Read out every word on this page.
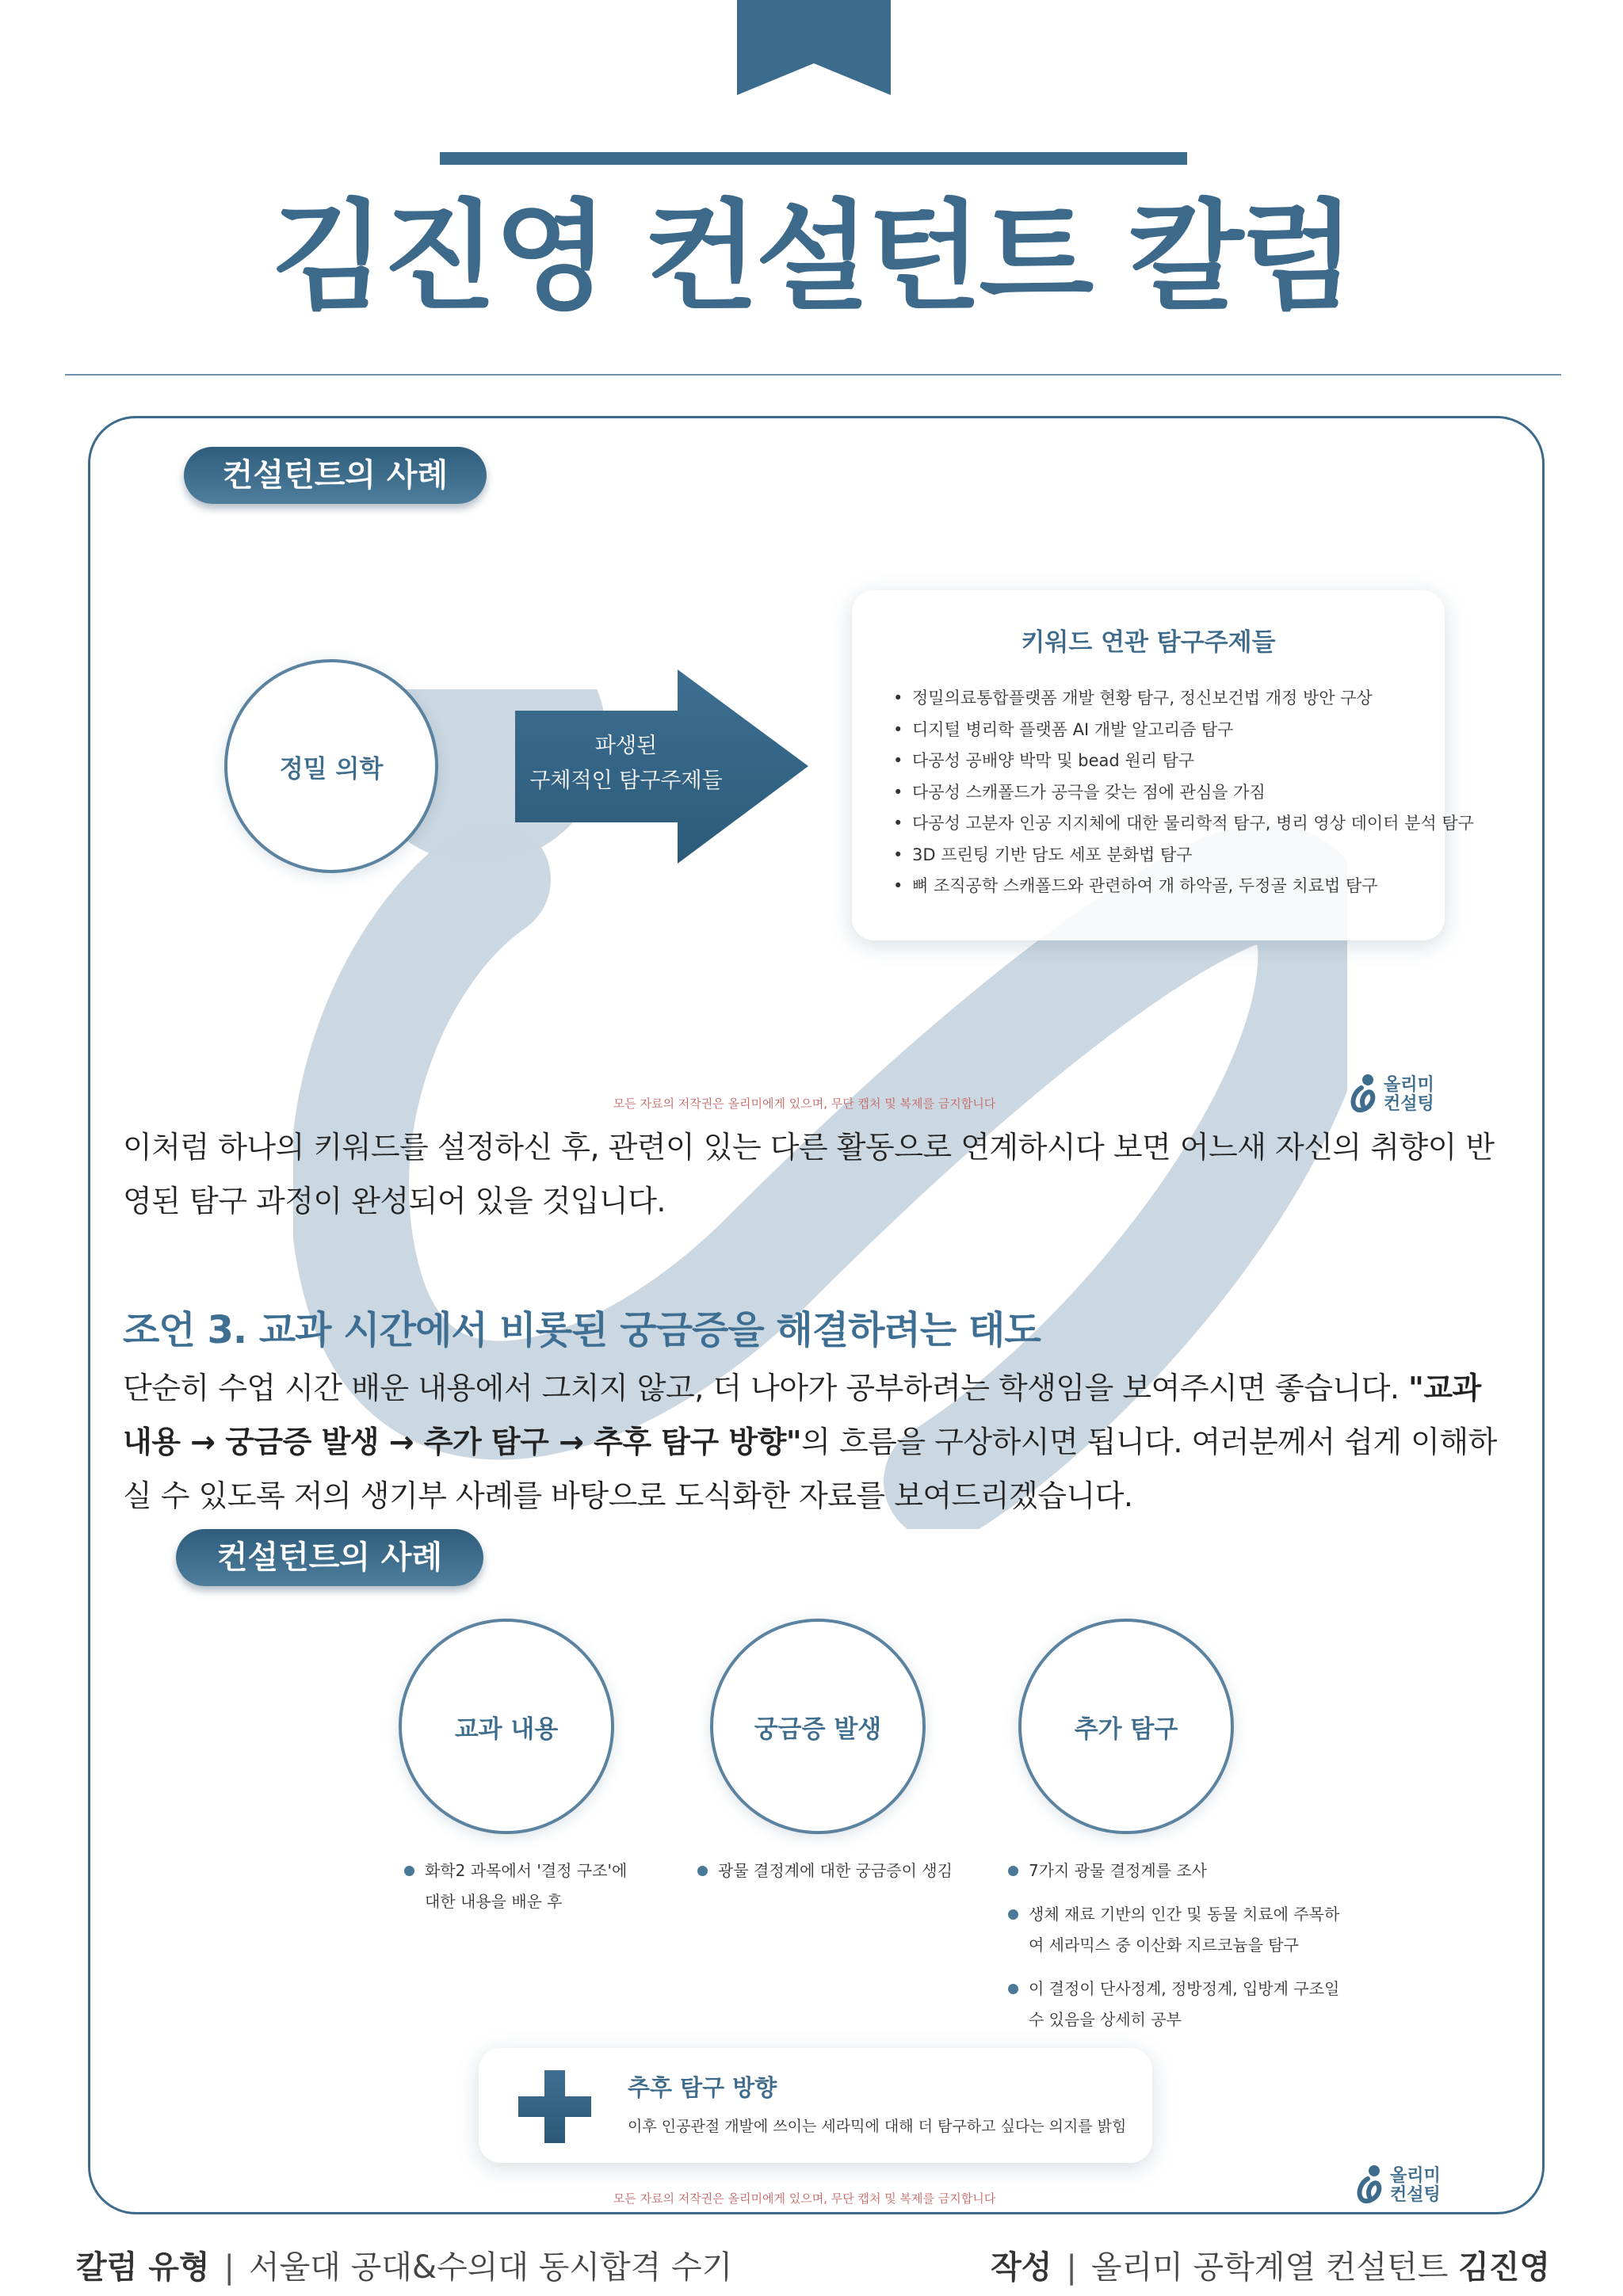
김진영 컨설턴트 칼럼
컨설턴트의 사례
정밀 의학
파생된
구체적인 탐구주제들
키워드 연관 탐구주제들
• 정밀의료통합플랫폼 개발 현황 탐구, 정신보건법 개정 방안 구상
• 디지털 병리학 플랫폼 AI 개발 알고리즘 탐구
• 다공성 공배양 박막 및 bead 원리 탐구
• 다공성 스캐폴드가 공극을 갖는 점에 관심을 가짐
• 다공성 고분자 인공 지지체에 대한 물리학적 탐구, 병리 영상 데이터 분석 탐구
• 3D 프린팅 기반 담도 세포 분화법 탐구
• 뼈 조직공학 스캐폴드와 관련하여 개 하악골, 두정골 치료법 탐구
모든 자료의 저작권은 올리미에게 있으며, 무단 캡처 및 복제를 금지합니다
올리미
컨설팅
이처럼 하나의 키워드를 설정하신 후, 관련이 있는 다른 활동으로 연계하시다 보면 어느새 자신의 취향이 반영된 탐구 과정이 완성되어 있을 것입니다.
조언 3. 교과 시간에서 비롯된 궁금증을 해결하려는 태도
단순히 수업 시간 배운 내용에서 그치지 않고, 더 나아가 공부하려는 학생임을 보여주시면 좋습니다. "교과 내용 → 궁금증 발생 → 추가 탐구 → 추후 탐구 방향"의 흐름을 구상하시면 됩니다. 여러분께서 쉽게 이해하실 수 있도록 저의 생기부 사례를 바탕으로 도식화한 자료를 보여드리겠습니다.
컨설턴트의 사례
교과 내용	궁금증 발생	추가 탐구
화학2 과목에서 '결정 구조'에 대한 내용을 배운 후
광물 결정계에 대한 궁금증이 생김	7가지 광물 결정계를 조사
생체 재료 기반의 인간 및 동물 치료에 주목하여 세라믹스 중 이산화 지르코늄을 탐구
이 결정이 단사정계, 정방정계, 입방계 구조일 수 있음을 상세히 공부
추후 탐구 방향
이후 인공관절 개발에 쓰이는 세라믹에 대해 더 탐구하고 싶다는 의지를 밝힘
모든 자료의 저작권은 올리미에게 있으며, 무단 캡처 및 복제를 금지합니다
올리미
컨설팅
칼럼 유형 | 서울대 공대&수의대 동시합격 수기	작성 | 올리미 공학계열 컨설턴트 김진영
